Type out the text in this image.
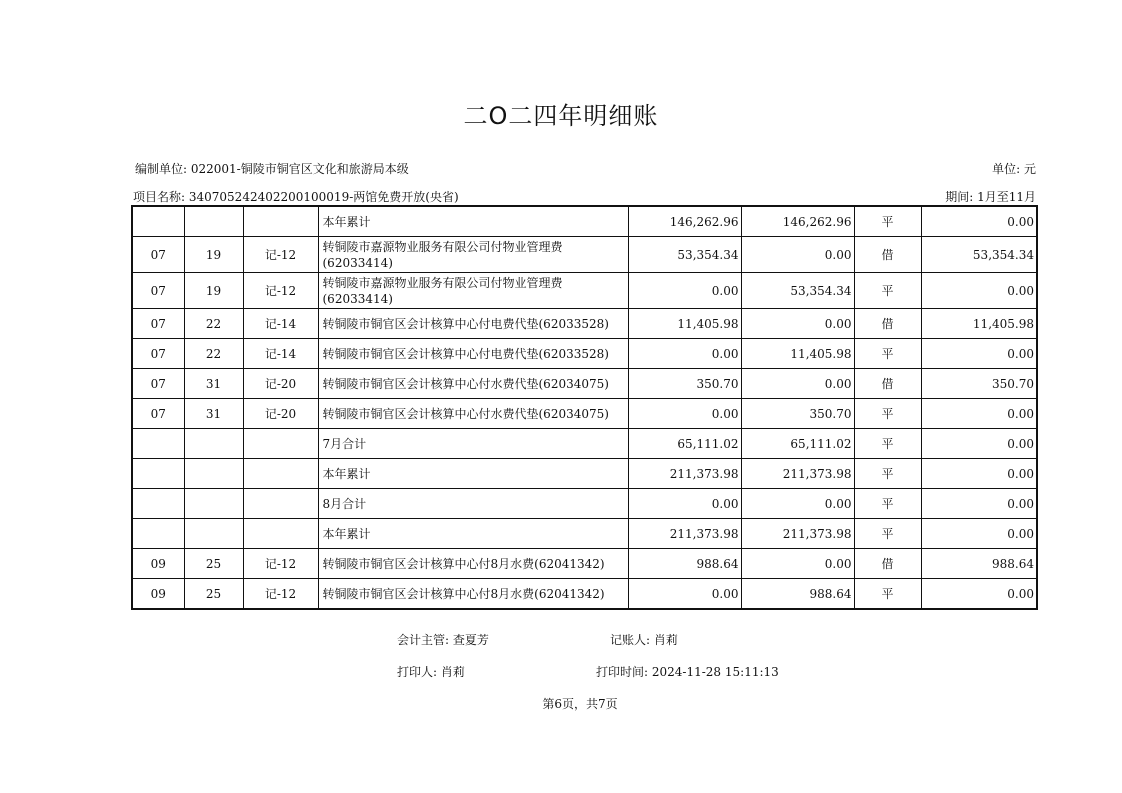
二O二四年明细账
编制单位: 022001-铜陵市铜官区文化和旅游局本级	单位: 元
项目名称: 340705242402200100019-两馆免费开放(央省)	期间: 1月至11月
			本年累计	146,262.96	146,262.96	平	0.00
07	19	记-12	转铜陵市嘉源物业服务有限公司付物业管理费(62033414)	53,354.34	0.00	借	53,354.34
07	19	记-12	转铜陵市嘉源物业服务有限公司付物业管理费(62033414)	0.00	53,354.34	平	0.00
07	22	记-14	转铜陵市铜官区会计核算中心付电费代垫(62033528)	11,405.98	0.00	借	11,405.98
07	22	记-14	转铜陵市铜官区会计核算中心付电费代垫(62033528)	0.00	11,405.98	平	0.00
07	31	记-20	转铜陵市铜官区会计核算中心付水费代垫(62034075)	350.70	0.00	借	350.70
07	31	记-20	转铜陵市铜官区会计核算中心付水费代垫(62034075)	0.00	350.70	平	0.00
			7月合计	65,111.02	65,111.02	平	0.00
			本年累计	211,373.98	211,373.98	平	0.00
			8月合计	0.00	0.00	平	0.00
			本年累计	211,373.98	211,373.98	平	0.00
09	25	记-12	转铜陵市铜官区会计核算中心付8月水费(62041342)	988.64	0.00	借	988.64
09	25	记-12	转铜陵市铜官区会计核算中心付8月水费(62041342)	0.00	988.64	平	0.00
会计主管: 查夏芳	记账人: 肖莉
打印人: 肖莉	打印时间: 2024-11-28 15:11:13
第6页，共7页
